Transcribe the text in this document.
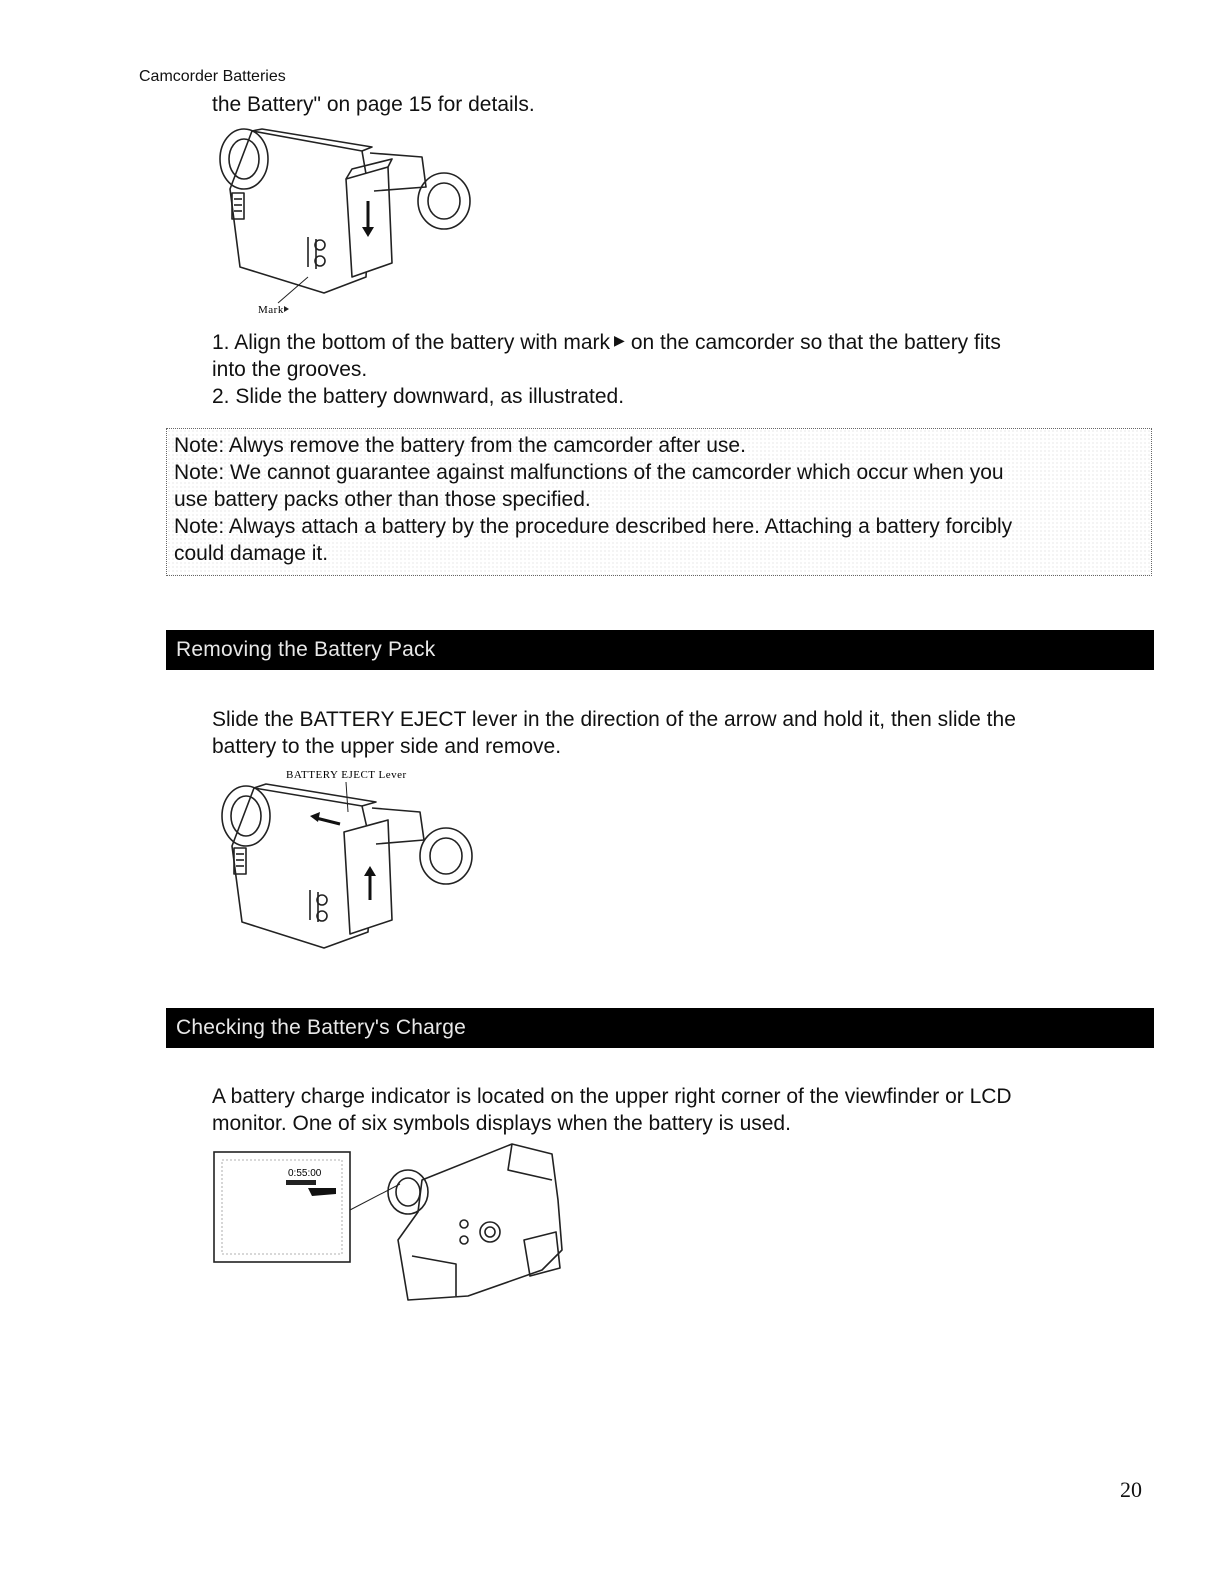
Camcorder Batteries
the Battery" on page 15 for details.
Mark

1. Align the bottom of the battery with mark ▶ on the camcorder so that the battery fits

into the grooves.

2. Slide the battery downward, as illustrated.

Note: Alwys remove the battery from the camcorder after use.

Note: We cannot guarantee against malfunctions of the camcorder which occur when you

use battery packs other than those specified.

Note: Always attach a battery by the procedure described here. Attaching a battery forcibly

could damage it.

Removing the Battery Pack

Slide the BATTERY EJECT lever in the direction of the arrow and hold it, then slide the

battery to the upper side and remove.

BATTERY EJECT Lever
Checking the Battery's Charge

A battery charge indicator is located on the upper right corner of the viewfinder or LCD

monitor. One of six symbols displays when the battery is used.

0:55:00
20
